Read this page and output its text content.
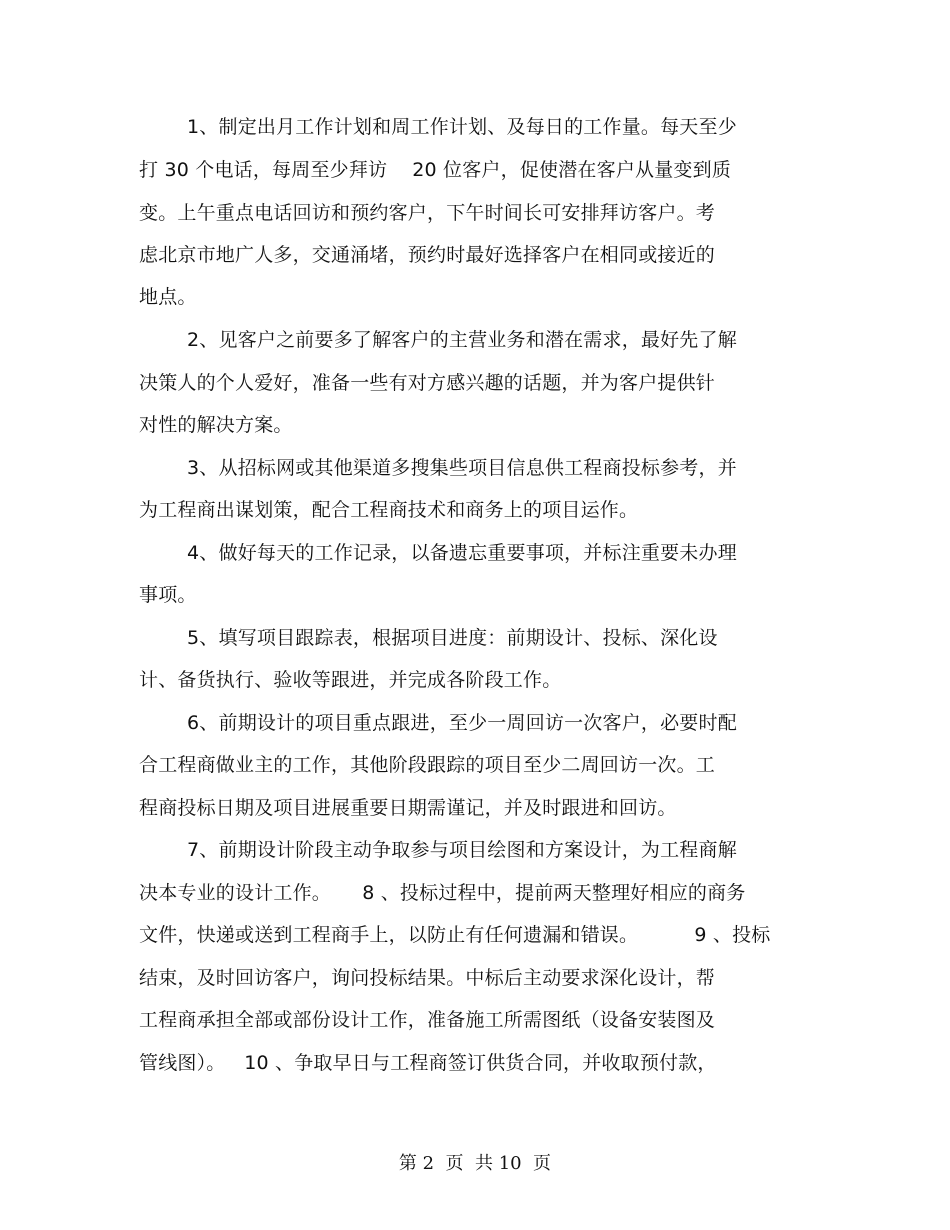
1、制定出月工作计划和周工作计划、及每日的工作量。每天至少
打 30 个电话，每周至少拜访    20 位客户，促使潜在客户从量变到质
变。上午重点电话回访和预约客户，下午时间长可安排拜访客户。考
虑北京市地广人多，交通涌堵，预约时最好选择客户在相同或接近的
地点。
2、见客户之前要多了解客户的主营业务和潜在需求，最好先了解
决策人的个人爱好，准备一些有对方感兴趣的话题，并为客户提供针
对性的解决方案。
3、从招标网或其他渠道多搜集些项目信息供工程商投标参考，并
为工程商出谋划策，配合工程商技术和商务上的项目运作。
4、做好每天的工作记录，以备遗忘重要事项，并标注重要未办理
事项。
5、填写项目跟踪表，根据项目进度：前期设计、投标、深化设
计、备货执行、验收等跟进，并完成各阶段工作。
6、前期设计的项目重点跟进，至少一周回访一次客户，必要时配
合工程商做业主的工作，其他阶段跟踪的项目至少二周回访一次。工
程商投标日期及项目进展重要日期需谨记，并及时跟进和回访。
7、前期设计阶段主动争取参与项目绘图和方案设计，为工程商解
决本专业的设计工作。     8 、投标过程中，提前两天整理好相应的商务
文件，快递或送到工程商手上，以防止有任何遗漏和错误。         9 、投标
结束，及时回访客户，询问投标结果。中标后主动要求深化设计，帮
工程商承担全部或部份设计工作，准备施工所需图纸（设备安装图及
管线图）。   10 、争取早日与工程商签订供货合同，并收取预付款，
第 2  页  共 10  页
